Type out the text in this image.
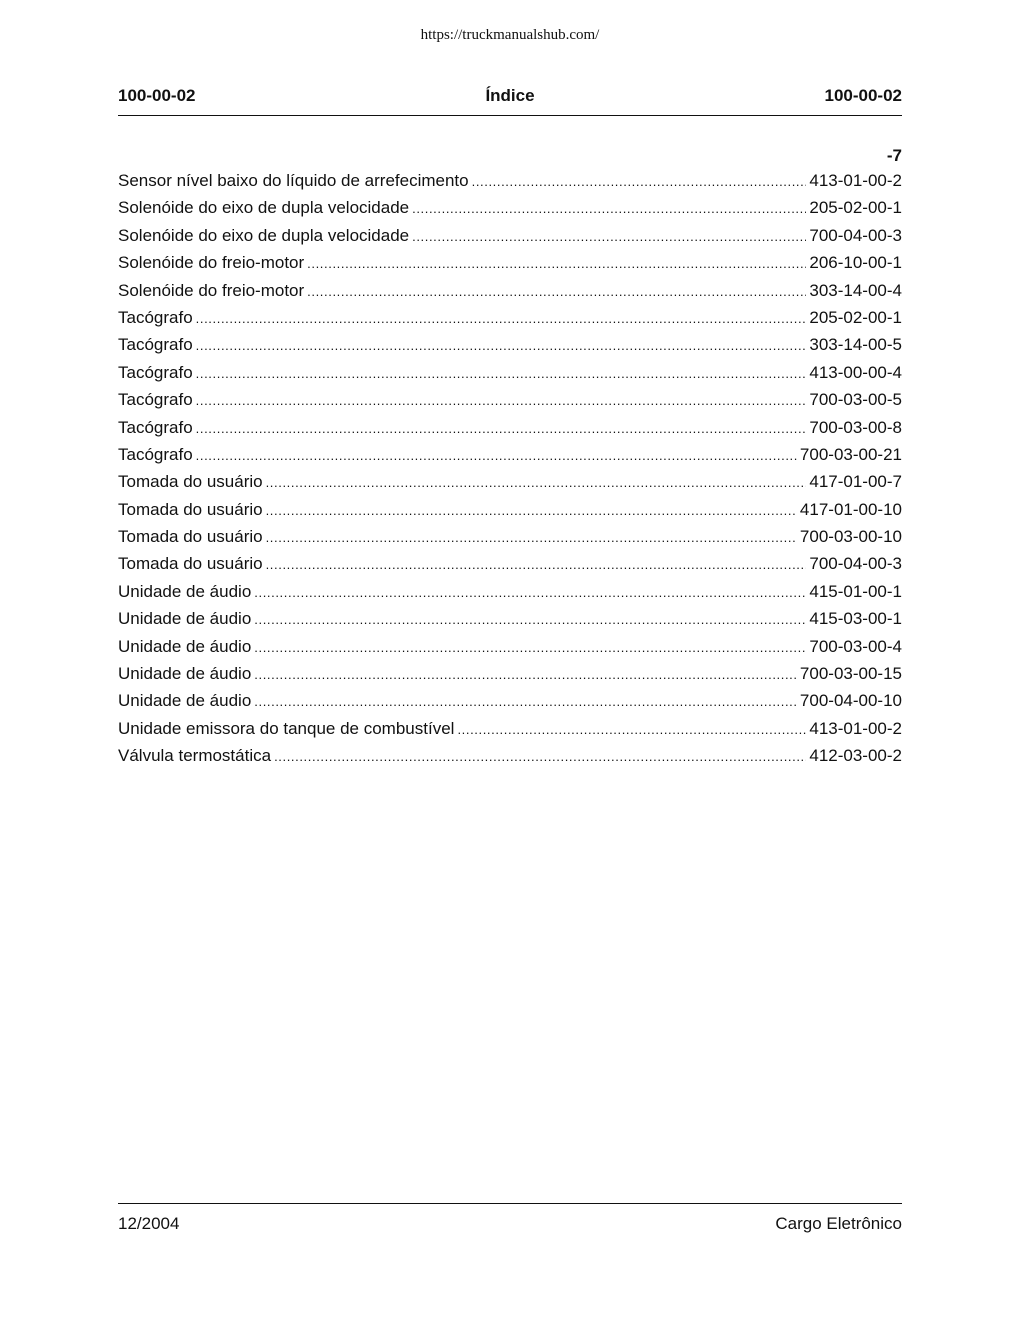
https://truckmanualshub.com/
Índice
100-00-02	100-00-02
-7
Sensor nível baixo do líquido de arrefecimento .....	413-01-00-2
Solenóide do eixo de dupla velocidade .....	205-02-00-1
Solenóide do eixo de dupla velocidade .....	700-04-00-3
Solenóide do freio-motor .....	206-10-00-1
Solenóide do freio-motor .....	303-14-00-4
Tacógrafo .....	205-02-00-1
Tacógrafo .....	303-14-00-5
Tacógrafo .....	413-00-00-4
Tacógrafo .....	700-03-00-5
Tacógrafo .....	700-03-00-8
Tacógrafo .....	700-03-00-21
Tomada do usuário .....	417-01-00-7
Tomada do usuário .....	417-01-00-10
Tomada do usuário .....	700-03-00-10
Tomada do usuário .....	700-04-00-3
Unidade de áudio .....	415-01-00-1
Unidade de áudio .....	415-03-00-1
Unidade de áudio .....	700-03-00-4
Unidade de áudio .....	700-03-00-15
Unidade de áudio .....	700-04-00-10
Unidade emissora do tanque de combustível .....	413-01-00-2
Válvula termostática .....	412-03-00-2
12/2004	Cargo Eletrônico
